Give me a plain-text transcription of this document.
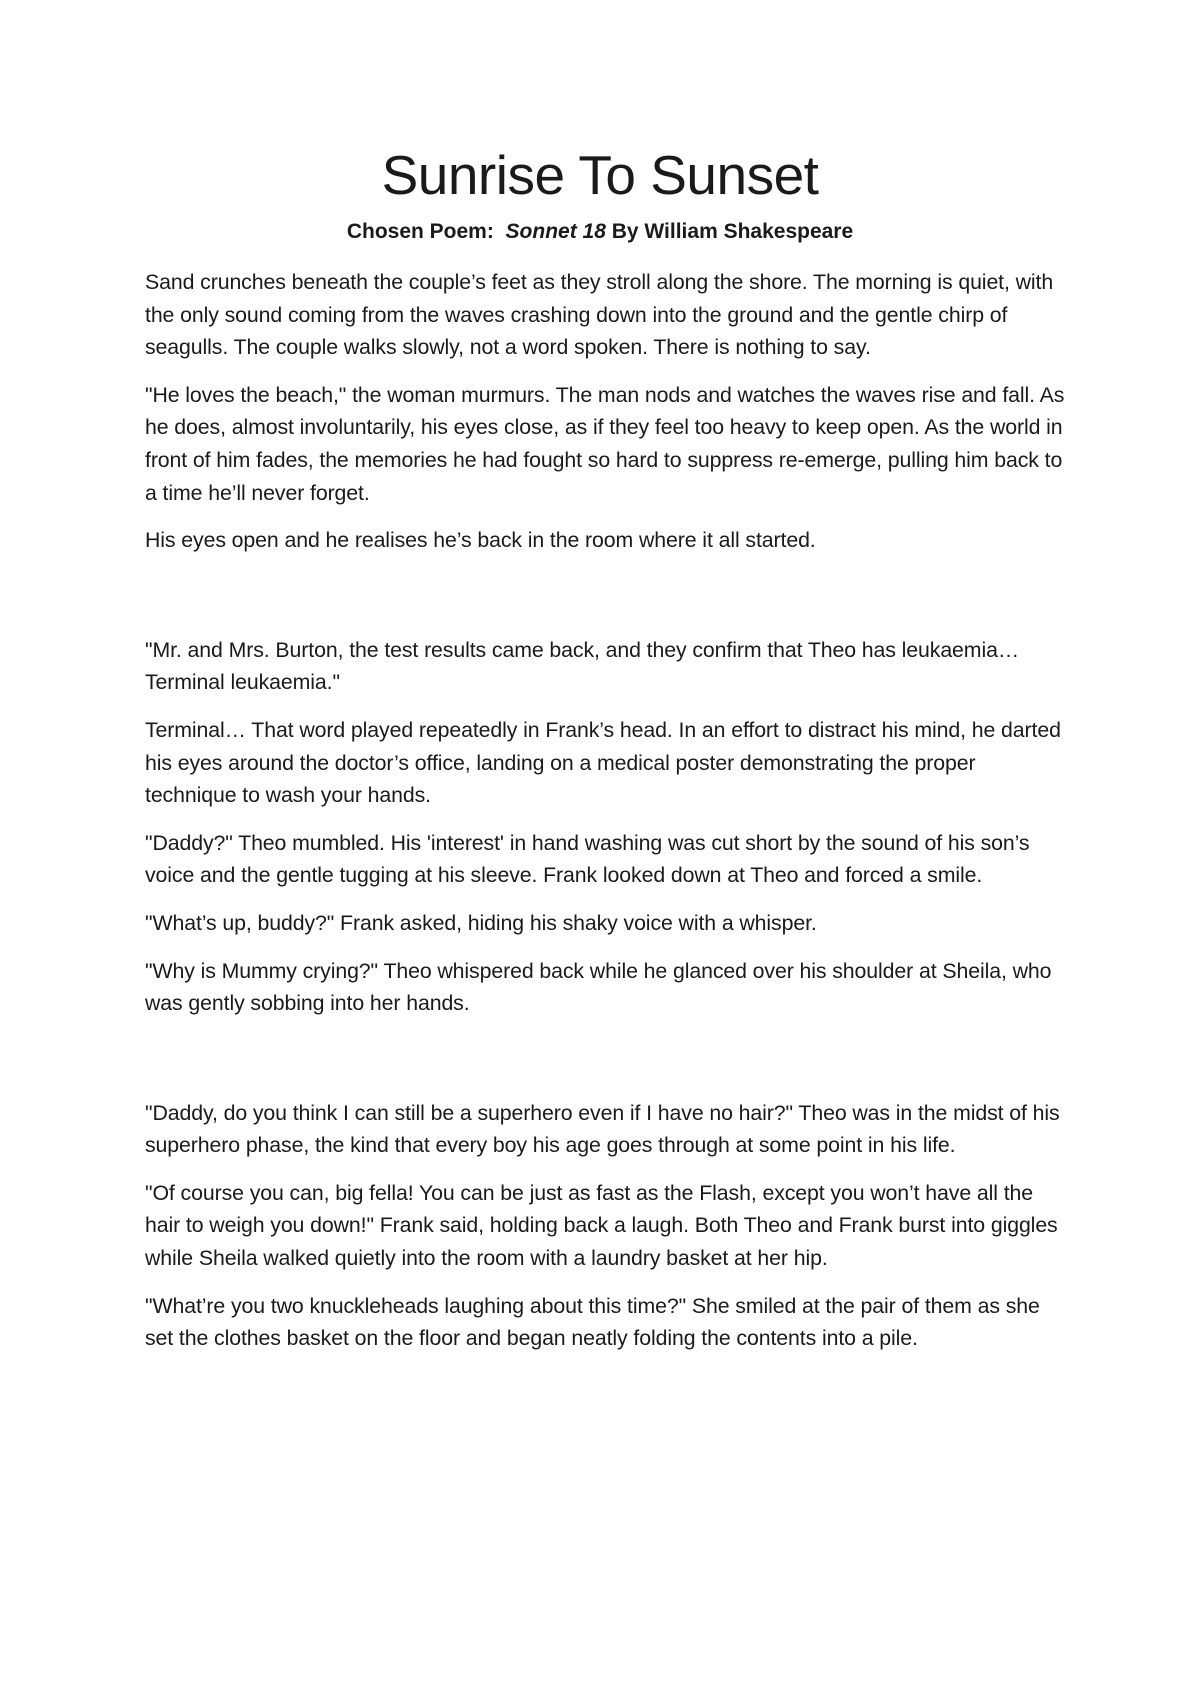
Sunrise To Sunset
Chosen Poem: Sonnet 18 By William Shakespeare

Sand crunches beneath the couple’s feet as they stroll along the shore. The morning is quiet, with the only sound coming from the waves crashing down into the ground and the gentle chirp of seagulls. The couple walks slowly, not a word spoken. There is nothing to say.

"He loves the beach," the woman murmurs. The man nods and watches the waves rise and fall. As he does, almost involuntarily, his eyes close, as if they feel too heavy to keep open. As the world in front of him fades, the memories he had fought so hard to suppress re-emerge, pulling him back to a time he’ll never forget.

His eyes open and he realises he’s back in the room where it all started.

"Mr. and Mrs. Burton, the test results came back, and they confirm that Theo has leukaemia… Terminal leukaemia."

Terminal… That word played repeatedly in Frank’s head. In an effort to distract his mind, he darted his eyes around the doctor’s office, landing on a medical poster demonstrating the proper technique to wash your hands.

"Daddy?" Theo mumbled. His 'interest' in hand washing was cut short by the sound of his son’s voice and the gentle tugging at his sleeve. Frank looked down at Theo and forced a smile.

"What’s up, buddy?" Frank asked, hiding his shaky voice with a whisper.

"Why is Mummy crying?" Theo whispered back while he glanced over his shoulder at Sheila, who was gently sobbing into her hands.

"Daddy, do you think I can still be a superhero even if I have no hair?" Theo was in the midst of his superhero phase, the kind that every boy his age goes through at some point in his life.

"Of course you can, big fella! You can be just as fast as the Flash, except you won’t have all the hair to weigh you down!" Frank said, holding back a laugh. Both Theo and Frank burst into giggles while Sheila walked quietly into the room with a laundry basket at her hip.

"What’re you two knuckleheads laughing about this time?" She smiled at the pair of them as she set the clothes basket on the floor and began neatly folding the contents into a pile.
